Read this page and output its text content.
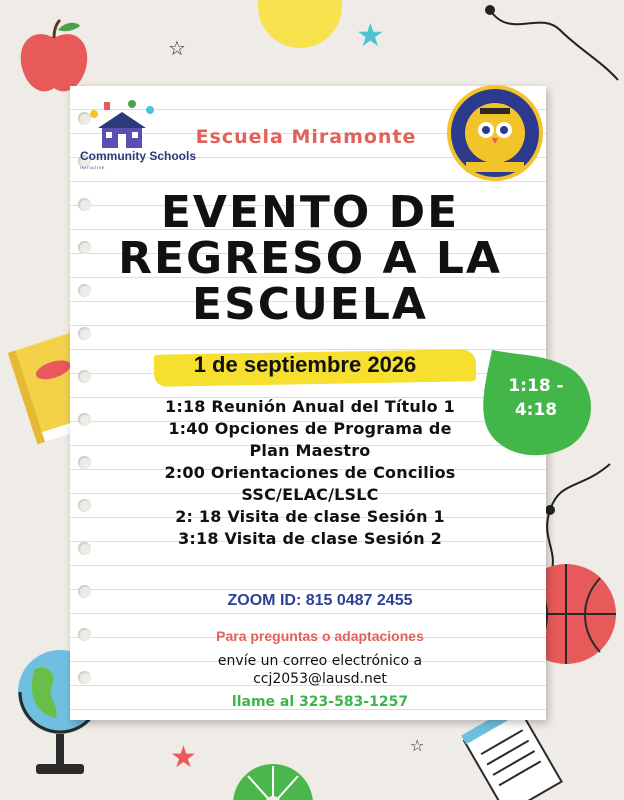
★
☆
★	☆
Community Schools
INITIATIVE
Escuela Miramonte
EVENTO DE
REGRESO A LA
ESCUELA
1 de septiembre 2026
1:18 -
4:18
1:18 Reunión Anual del Título 1
1:40 Opciones de Programa de
Plan Maestro
2:00 Orientaciones de Concilios
SSC/ELAC/LSLC
2: 18 Visita de clase Sesión 1
3:18 Visita de clase Sesión 2
ZOOM ID: 815 0487 2455
Para preguntas o adaptaciones
envíe un correo electrónico a
ccj2053@lausd.net
llame al 323-583-1257
